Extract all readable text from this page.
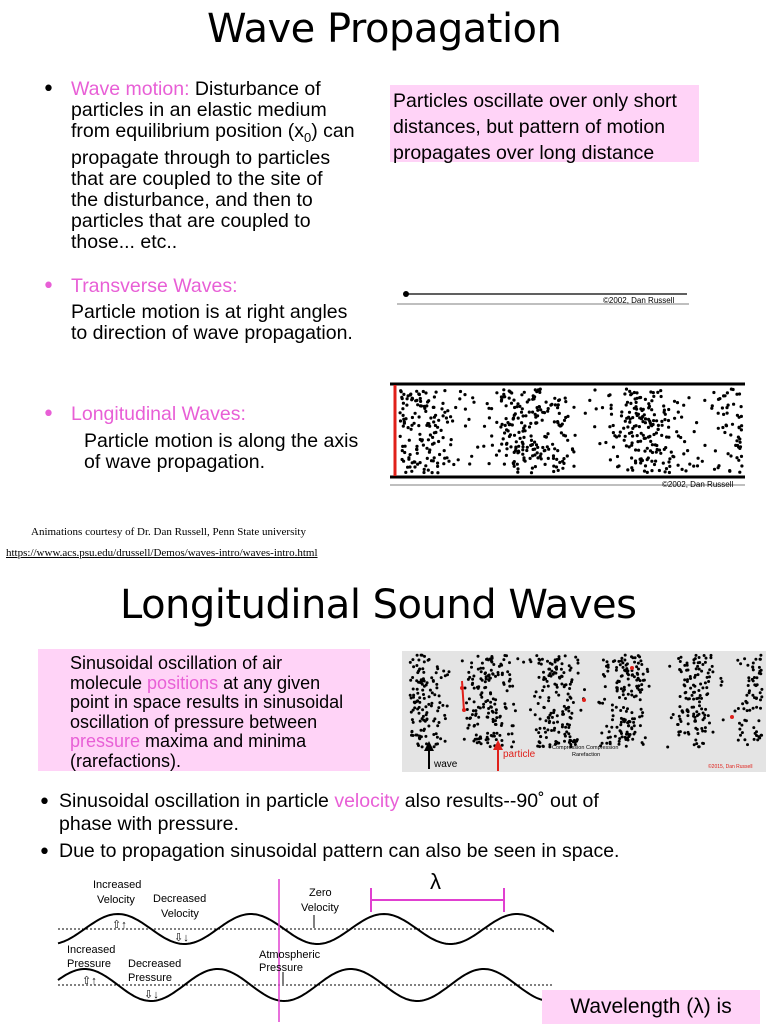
Wave Propagation
• Wave motion: Disturbance of
particles in an elastic medium
from equilibrium position $(x_0)$ can
propagate through to particles
that are coupled to the site of
the disturbance, and then to
particles that are coupled to
those... etc..
Particles oscillate over only short
distances, but pattern of motion
propagates over long distance
• Transverse Waves:
Particle motion is at right angles
to direction of wave propagation.
©2002, Dan Russell
• Longitudinal Waves:
Particle motion is along the axis
of wave propagation.
©2002, Dan Russell
Animations courtesy of Dr. Dan Russell, Penn State university
https://www.acs.psu.edu/drussell/Demos/waves-intro/waves-intro.html
Longitudinal Sound Waves
Sinusoidal oscillation of air
molecule positions at any given
point in space results in sinusoidal
oscillation of pressure between
pressure maxima and minima
(rarefactions).	wave
particle
Compression Compression
Rarefaction
©2015, Dan Russell
• Sinusoidal oscillation in particle velocity also results--90˚ out of
phase with pressure.
• Due to propagation sinusoidal pattern can also be seen in space.
Increased
Velocity
⇧↑
Decreased
Velocity
⇩↓
Zero
Velocity
Increased
Pressure
⇧↑
Decreased
Pressure
⇩↓
Atmospheric
Pressure
λ
Wavelength (λ) is
